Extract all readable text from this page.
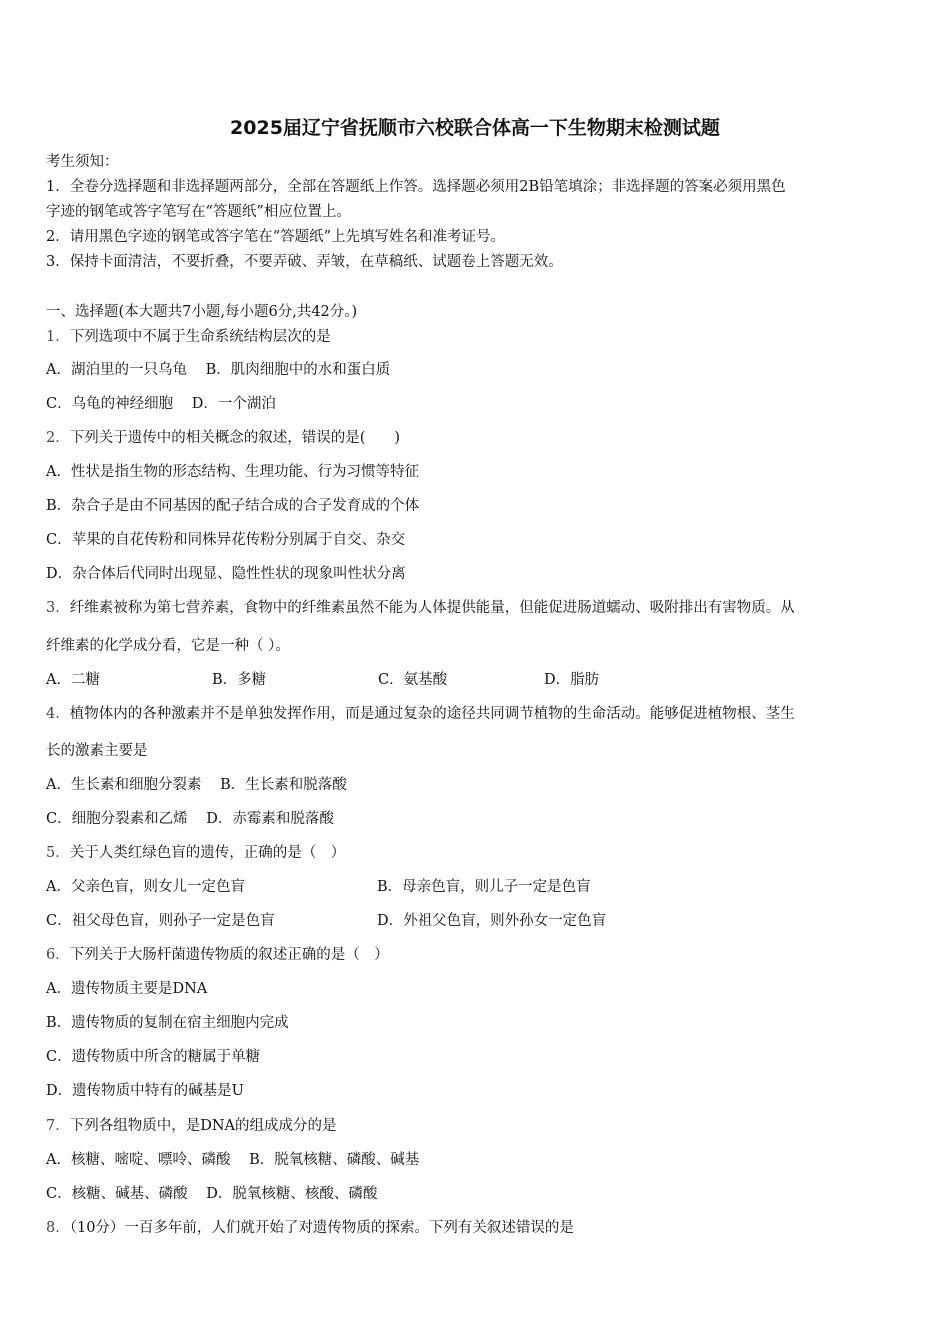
2025届辽宁省抚顺市六校联合体高一下生物期末检测试题
考生须知：
1．全卷分选择题和非选择题两部分，全部在答题纸上作答。选择题必须用2B铅笔填涂；非选择题的答案必须用黑色
字迹的钢笔或答字笔写在“答题纸”相应位置上。
2．请用黑色字迹的钢笔或答字笔在“答题纸”上先填写姓名和准考证号。
3．保持卡面清洁，不要折叠，不要弄破、弄皱，在草稿纸、试题卷上答题无效。
一、选择题(本大题共7小题,每小题6分,共42分。)
1．下列选项中不属于生命系统结构层次的是
A．湖泊里的一只乌龟 B．肌肉细胞中的水和蛋白质
C．乌龟的神经细胞 D．一个湖泊
2．下列关于遗传中的相关概念的叙述，错误的是(　　)
A．性状是指生物的形态结构、生理功能、行为习惯等特征
B．杂合子是由不同基因的配子结合成的合子发育成的个体
C．苹果的自花传粉和同株异花传粉分别属于自交、杂交
D．杂合体后代同时出现显、隐性性状的现象叫性状分离
3．纤维素被称为第七营养素，食物中的纤维素虽然不能为人体提供能量，但能促进肠道蠕动、吸附排出有害物质。从
纤维素的化学成分看，它是一种（ ）。
A．二糖	B．多糖	C．氨基酸	D．脂肪
4．植物体内的各种激素并不是单独发挥作用，而是通过复杂的途径共同调节植物的生命活动。能够促进植物根、茎生
长的激素主要是
A．生长素和细胞分裂素 B．生长素和脱落酸
C．细胞分裂素和乙烯 D．赤霉素和脱落酸
5．关于人类红绿色盲的遗传，正确的是（　）
A．父亲色盲，则女儿一定色盲	B．母亲色盲，则儿子一定是色盲
C．祖父母色盲，则孙子一定是色盲	D．外祖父色盲，则外孙女一定色盲
6．下列关于大肠杆菌遗传物质的叙述正确的是（　）
A．遗传物质主要是DNA
B．遗传物质的复制在宿主细胞内完成
C．遗传物质中所含的糖属于单糖
D．遗传物质中特有的碱基是U
7．下列各组物质中，是DNA的组成成分的是
A．核糖、嘧啶、嘌呤、磷酸 B．脱氧核糖、磷酸、碱基
C．核糖、碱基、磷酸 D．脱氧核糖、核酸、磷酸
8．（10分）一百多年前，人们就开始了对遗传物质的探索。下列有关叙述错误的是
